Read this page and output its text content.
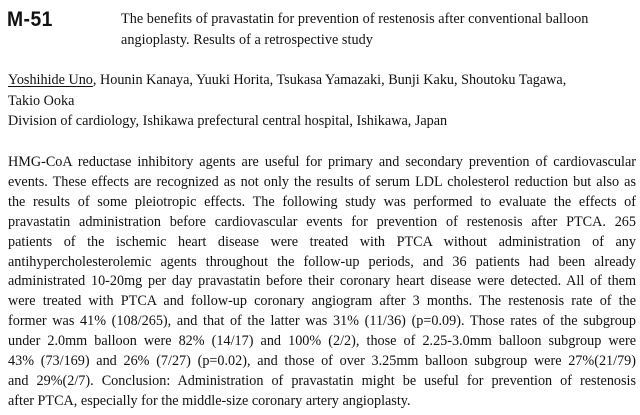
M-51	The benefits of pravastatin for prevention of restenosis after conventional balloon
angioplasty. Results of a retrospective study
Yoshihide Uno, Hounin Kanaya, Yuuki Horita, Tsukasa Yamazaki, Bunji Kaku, Shoutoku Tagawa,
Takio Ooka
Division of cardiology, Ishikawa prefectural central hospital, Ishikawa, Japan
HMG-CoA reductase inhibitory agents are useful for primary and secondary prevention of cardiovascular
events. These effects are recognized as not only the results of serum LDL cholesterol reduction but also as
the results of some pleiotropic effects. The following study was performed to evaluate the effects of
pravastatin administration before cardiovascular events for prevention of restenosis after PTCA. 265
patients of the ischemic heart disease were treated with PTCA without administration of any
antihypercholesterolemic agents throughout the follow-up periods, and 36 patients had been already
administrated 10-20mg per day pravastatin before their coronary heart disease were detected. All of them
were treated with PTCA and follow-up coronary angiogram after 3 months. The restenosis rate of the
former was 41% (108/265), and that of the latter was 31% (11/36) (p=0.09). Those rates of the subgroup
under 2.0mm balloon were 82% (14/17) and 100% (2/2), those of 2.25-3.0mm balloon subgroup were
43% (73/169) and 26% (7/27) (p=0.02), and those of over 3.25mm balloon subgroup were 27%(21/79)
and 29%(2/7). Conclusion: Administration of pravastatin might be useful for prevention of restenosis
after PTCA, especially for the middle-size coronary artery angioplasty.
